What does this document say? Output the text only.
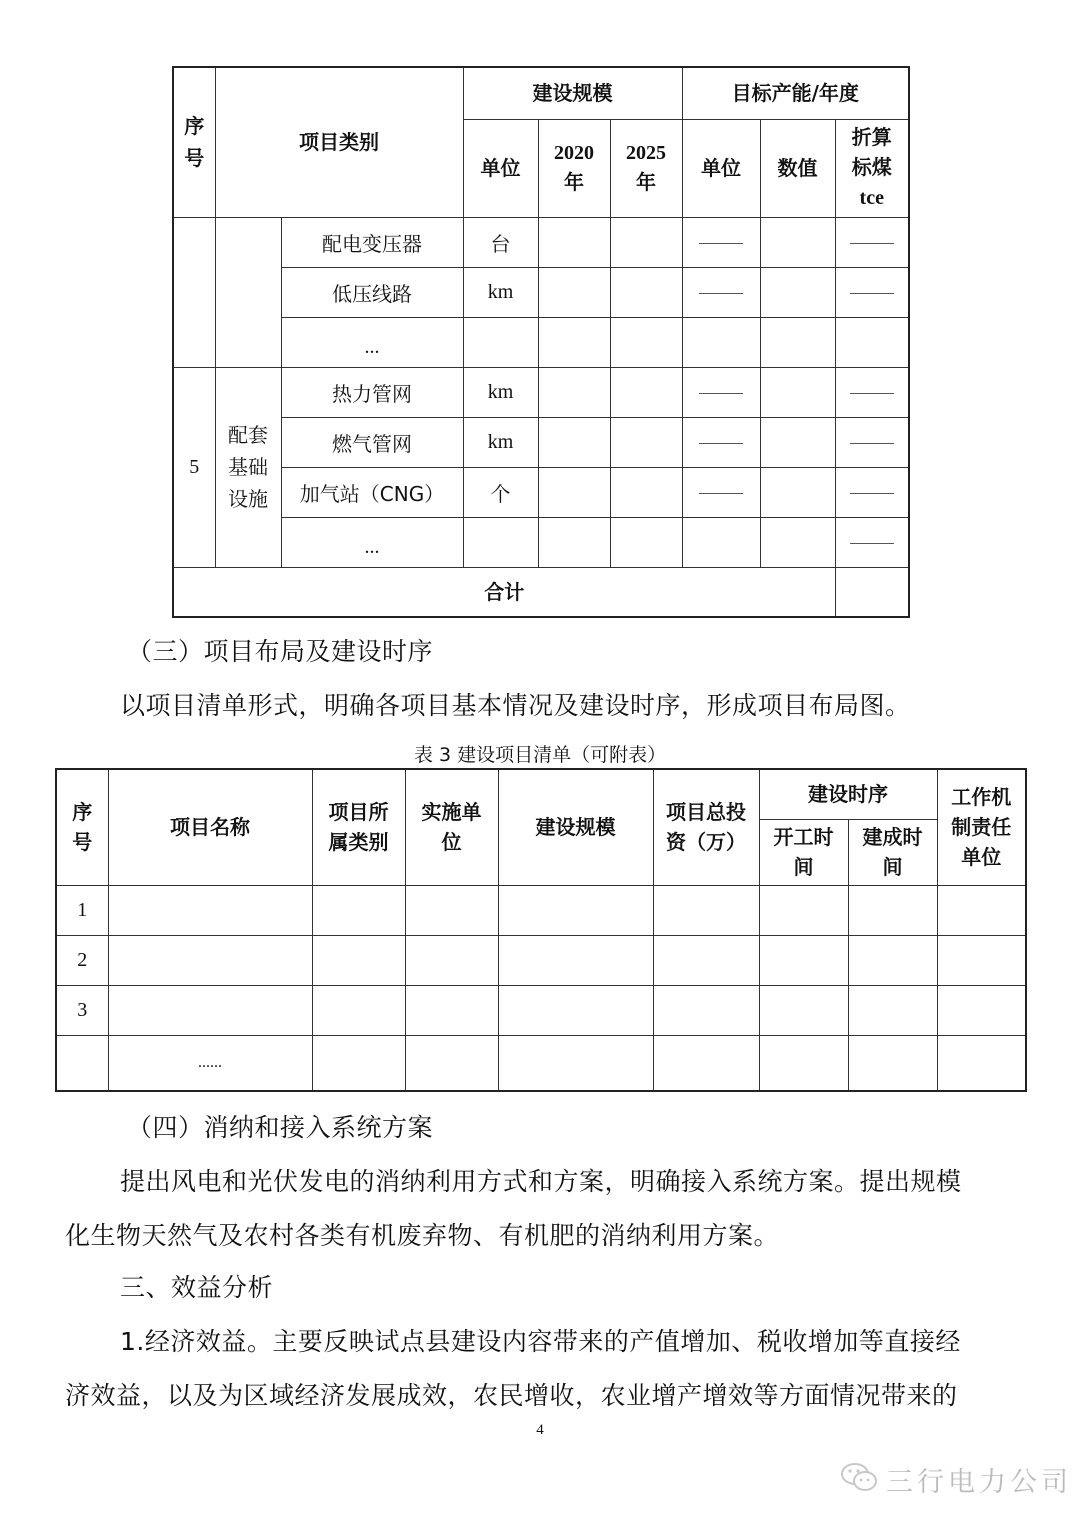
序号	项目类别		建设规模			目标产能/年度		
			单位	2020年	2025年	单位	数值	折算标煤tce
		配电变压器	台					
		低压线路	km					
		...						
5	配套基础设施	热力管网	km					
		燃气管网	km					
		加气站（CNG）	个					
		...						
合计								
（三）项目布局及建设时序
以项目清单形式，明确各项目基本情况及建设时序，形成项目布局图。
表 3 建设项目清单（可附表）
序号	项目名称	项目所属类别	实施单位	建设规模	项目总投资（万）	建设时序		工作机制责任单位
						开工时间	建成时间	
1								
2								
3								
	......							
（四）消纳和接入系统方案
提出风电和光伏发电的消纳利用方式和方案，明确接入系统方案。提出规模
化生物天然气及农村各类有机废弃物、有机肥的消纳利用方案。
三、效益分析
1.经济效益。主要反映试点县建设内容带来的产值增加、税收增加等直接经
济效益，以及为区域经济发展成效，农民增收，农业增产增效等方面情况带来的
4
三行电力公司
